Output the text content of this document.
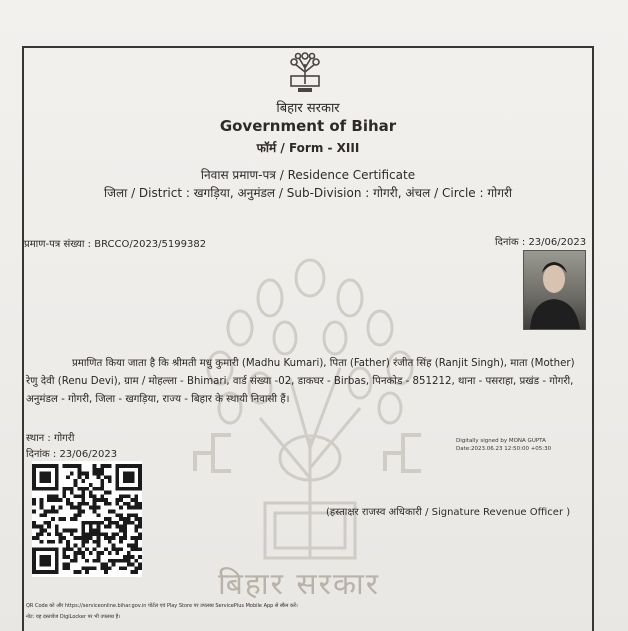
बिहार सरकार
बिहार सरकार
Government of Bihar
फॉर्म / Form - XIII
निवास प्रमाण-पत्र / Residence Certificate
जिला / District : खगड़िया, अनुमंडल / Sub-Division : गोगरी, अंचल / Circle : गोगरी
प्रमाण-पत्र संख्या : BRCCO/2023/5199382	दिनांक : 23/06/2023
प्रमाणित किया जाता है कि श्रीमती मधु कुमारी (Madhu Kumari), पिता (Father) रंजीत सिंह (Ranjit Singh), माता (Mother) रेणु देवी (Renu Devi), ग्राम / मोहल्ला - Bhimari, वार्ड संख्या -02, डाकघर - Birbas, पिनकोड - 851212, थाना - पसराहा, प्रखंड - गोगरी, अनुमंडल - गोगरी, जिला - खगड़िया, राज्य - बिहार के स्थायी निवासी हैं।
स्थान : गोगरी
दिनांक : 23/06/2023
Digitally signed by MONA GUPTA
Date:2023.06.23 12:50:00 +05:30
(हस्ताक्षर राजस्व अधिकारी / Signature Revenue Officer )
QR Code को और https://serviceonline.bihar.gov.in पोर्टल एवं Play Store पर उपलब्ध ServicePlus Mobile App से स्कैन करें।
नोट: यह दस्तावेज DigiLocker पर भी उपलब्ध है।
